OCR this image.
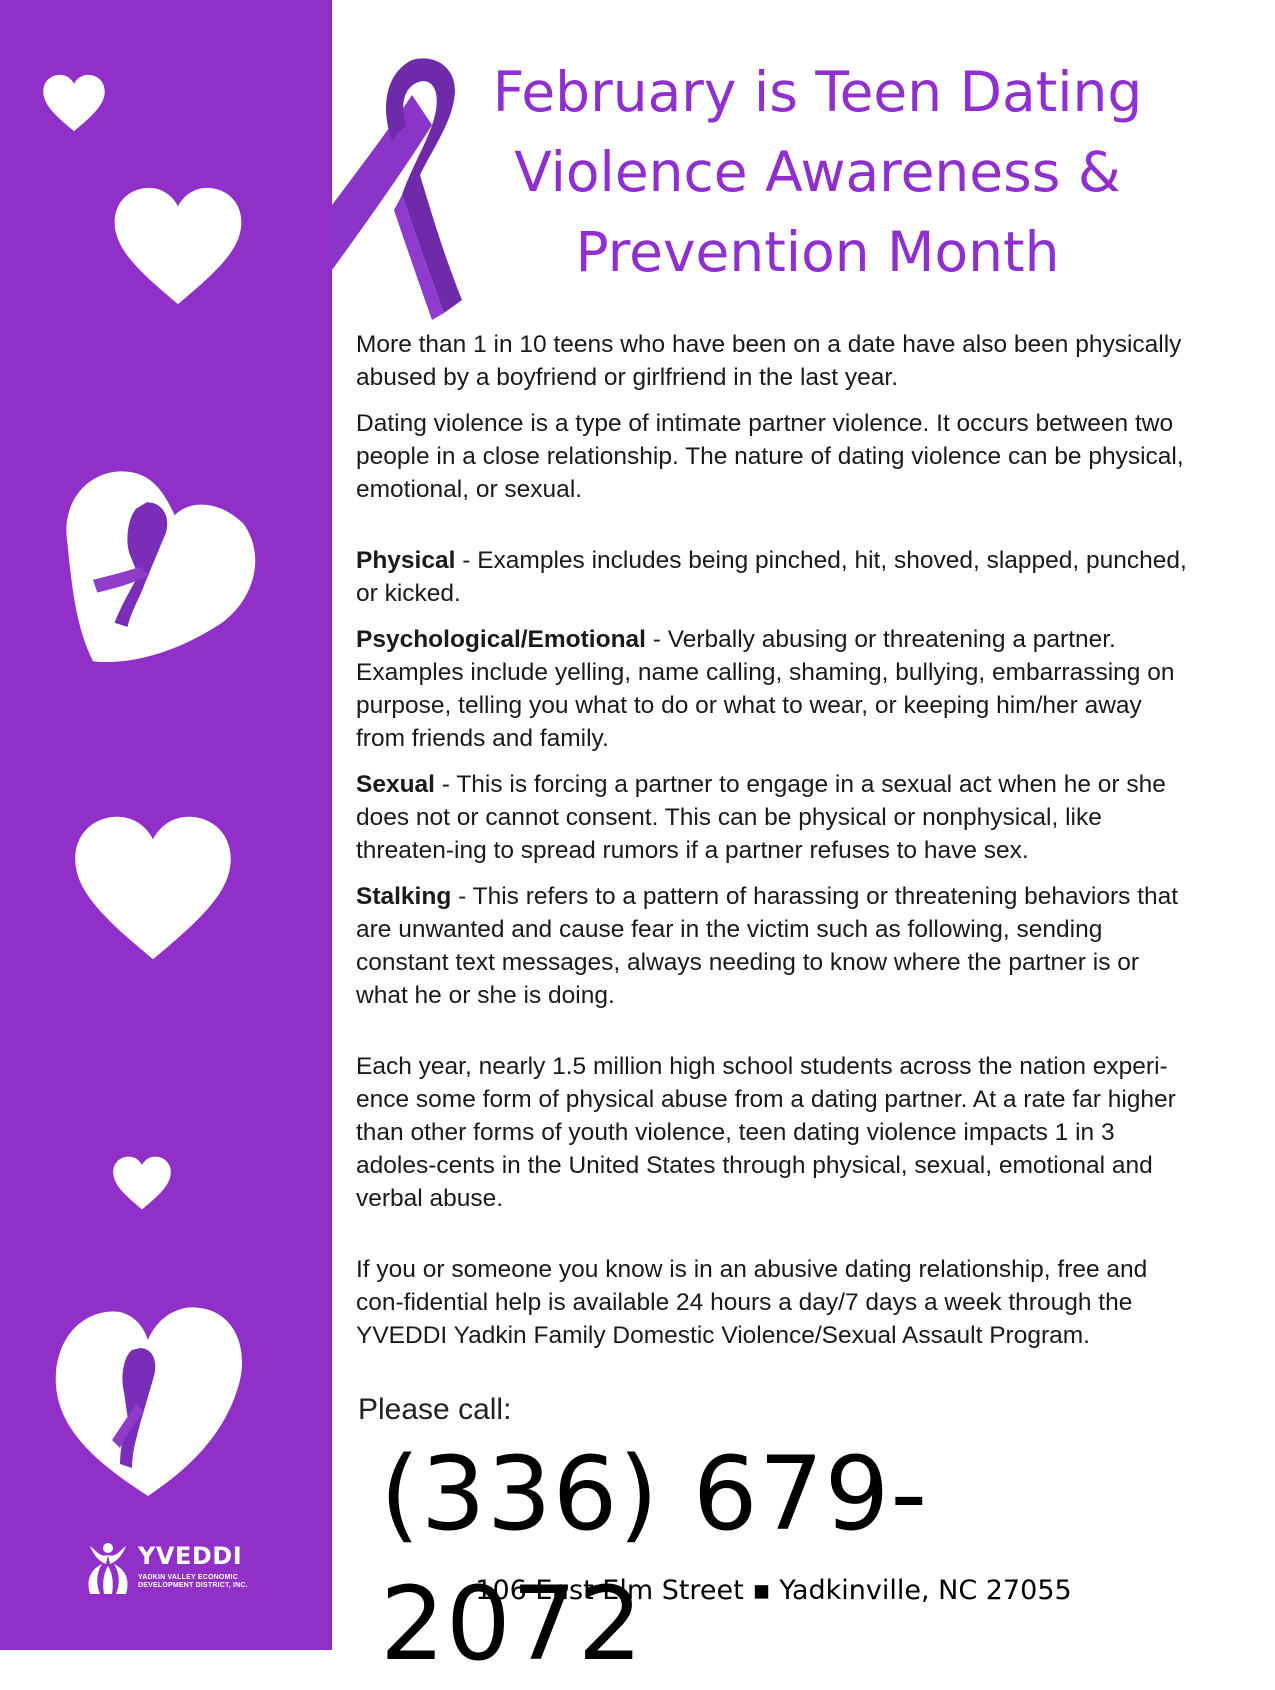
YVEDDI
YADKIN VALLEY ECONOMIC DEVELOPMENT DISTRICT, INC.
February is Teen Dating
Violence Awareness &
Prevention Month

More than 1 in 10 teens who have been on a date have also been physically abused by a boyfriend or girlfriend in the last year.

Dating violence is a type of intimate partner violence. It occurs between two people in a close relationship. The nature of dating violence can be physical, emotional, or sexual.

Physical - Examples includes being pinched, hit, shoved, slapped, punched, or kicked.

Psychological/Emotional - Verbally abusing or threatening a partner. Examples include yelling, name calling, shaming, bullying, embarrassing on purpose, telling you what to do or what to wear, or keeping him/her away from friends and family.

Sexual - This is forcing a partner to engage in a sexual act when he or she does not or cannot consent. This can be physical or nonphysical, like threaten-ing to spread rumors if a partner refuses to have sex.

Stalking - This refers to a pattern of harassing or threatening behaviors that are unwanted and cause fear in the victim such as following, sending constant text messages, always needing to know where the partner is or what he or she is doing.

Each year, nearly 1.5 million high school students across the nation experi-ence some form of physical abuse from a dating partner. At a rate far higher than other forms of youth violence, teen dating violence impacts 1 in 3 adoles-cents in the United States through physical, sexual, emotional and verbal abuse.

If you or someone you know is in an abusive dating relationship, free and con-fidential help is available 24 hours a day/7 days a week through the YVEDDI Yadkin Family Domestic Violence/Sexual Assault Program.

Please call:
(336) 679-2072
106 East Elm Street ▪ Yadkinville, NC 27055
